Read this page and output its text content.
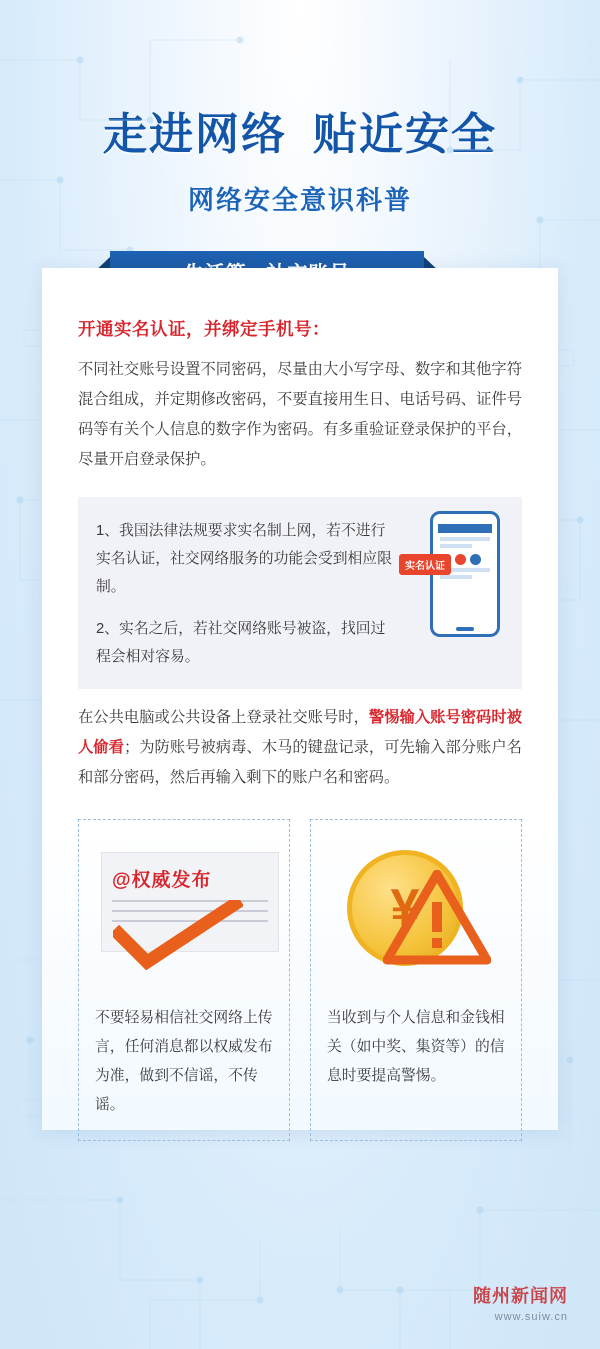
走进网络 贴近安全
网络安全意识科普
开通实名认证，并绑定手机号：
不同社交账号设置不同密码，尽量由大小写字母、数字和其他字符混合组成，并定期修改密码，不要直接用生日、电话号码、证件号码等有关个人信息的数字作为密码。有多重验证登录保护的平台，尽量开启登录保护。
1、我国法律法规要求实名制上网，若不进行实名认证，社交网络服务的功能会受到相应限制。
2、实名之后，若社交网络账号被盗，找回过程会相对容易。
实名认证
在公共电脑或公共设备上登录社交账号时，警惕输入账号密码时被人偷看；为防账号被病毒、木马的键盘记录，可先输入部分账户名和部分密码，然后再输入剩下的账户名和密码。
@权威发布
不要轻易相信社交网络上传言，任何消息都以权威发布为准，做到不信谣，不传谣。
¥
当收到与个人信息和金钱相关（如中奖、集资等）的信息时要提高警惕。
随州新闻网
www.suiw.cn
